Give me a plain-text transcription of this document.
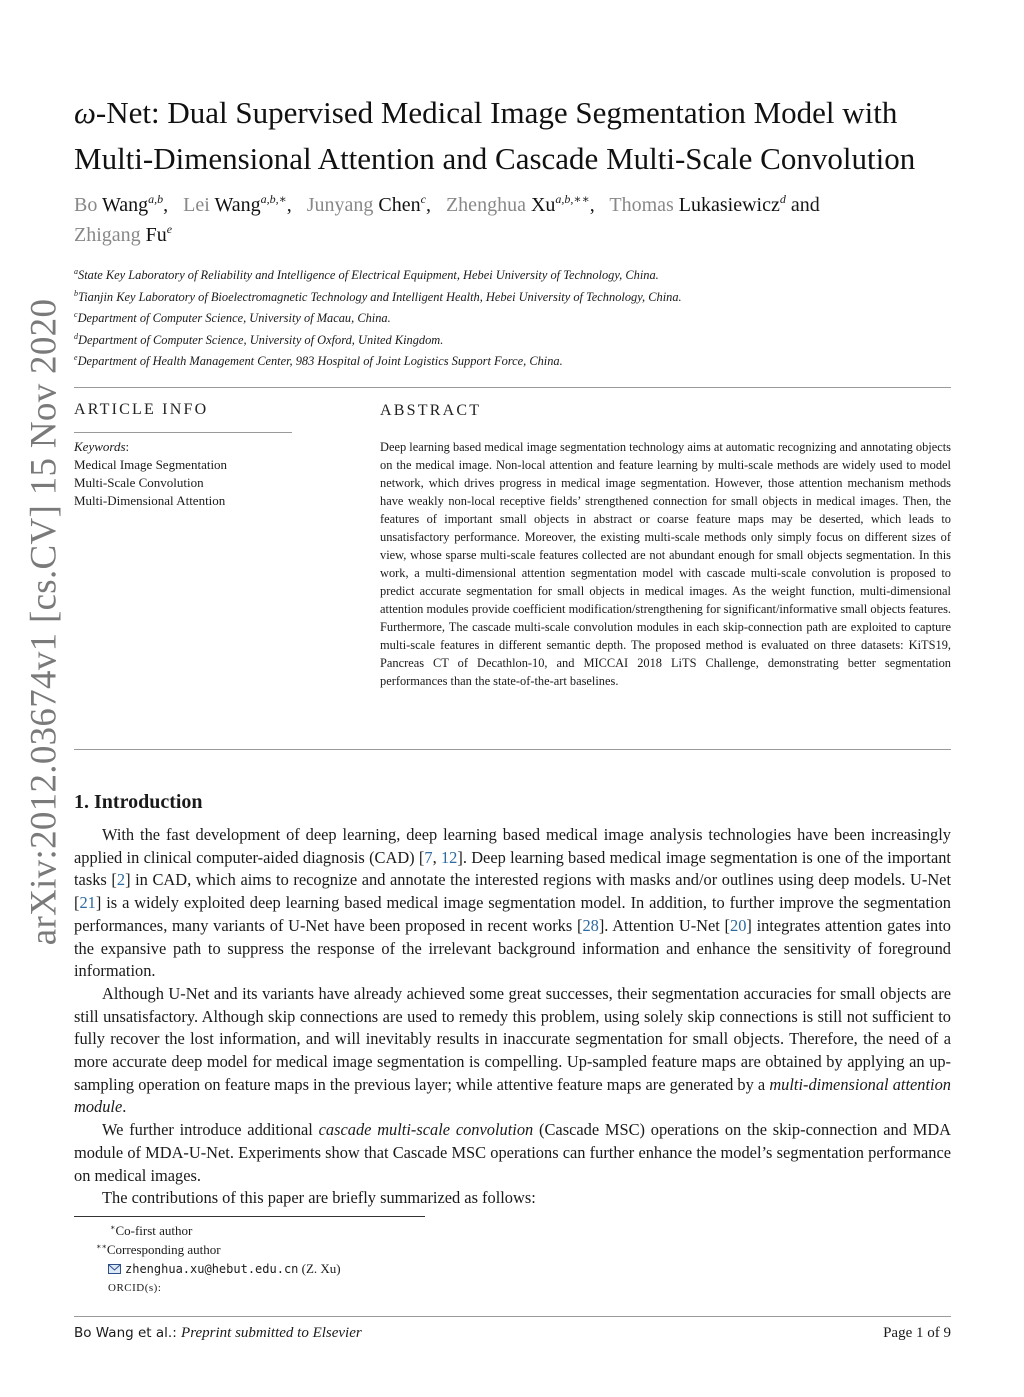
arXiv:2012.03674v1 [cs.CV] 15 Nov 2020
ω-Net: Dual Supervised Medical Image Segmentation Model with
Multi-Dimensional Attention and Cascade Multi-Scale Convolution
Bo Wang$^{a,b}$,   Lei Wang$^{a,b,∗}$,   Junyang Chen$^c$,   Zhenghua $Xu^{a,b,∗∗}$,   Thomas Lukasiewicz$^d$ and
Zhigang Fu$^e$
$^a$State Key Laboratory of Reliability and Intelligence of Electrical Equipment, Hebei University of Technology, China.
$^b$Tianjin Key Laboratory of Bioelectromagnetic Technology and Intelligent Health, Hebei University of Technology, China.
$^c$Department of Computer Science, University of Macau, China.
$^d$Department of Computer Science, University of Oxford, United Kingdom.
$^e$Department of Health Management Center, 983 Hospital of Joint Logistics Support Force, China.
ARTICLE INFO
Keywords:
Medical Image Segmentation
Multi-Scale Convolution
Multi-Dimensional Attention
ABSTRACT
Deep learning based medical image segmentation technology aims at automatic recognizing and annotating objects on the medical image. Non-local attention and feature learning by multi-scale methods are widely used to model network, which drives progress in medical image segmentation. However, those attention mechanism methods have weakly non-local receptive fields’ strengthened connection for small objects in medical images. Then, the features of important small objects in abstract or coarse feature maps may be deserted, which leads to unsatisfactory performance. Moreover, the existing multi-scale methods only simply focus on different sizes of view, whose sparse multi-scale features collected are not abundant enough for small objects segmentation. In this work, a multi-dimensional attention segmentation model with cascade multi-scale convolution is proposed to predict accurate segmentation for small objects in medical images. As the weight function, multi-dimensional attention modules provide coefficient modification/strengthening for significant/informative small objects features. Furthermore, The cascade multi-scale convolution modules in each skip-connection path are exploited to capture multi-scale features in different semantic depth. The proposed method is evaluated on three datasets: KiTS19, Pancreas CT of Decathlon-10, and MICCAI 2018 LiTS Challenge, demonstrating better segmentation performances than the state-of-the-art baselines.
1. Introduction

With the fast development of deep learning, deep learning based medical image analysis technologies have been increasingly applied in clinical computer-aided diagnosis (CAD) [7, 12]. Deep learning based medical image segmentation is one of the important tasks [2] in CAD, which aims to recognize and annotate the interested regions with masks and/or outlines using deep models. U-Net [21] is a widely exploited deep learning based medical image segmentation model. In addition, to further improve the segmentation performances, many variants of U-Net have been proposed in recent works [28]. Attention U-Net [20] integrates attention gates into the expansive path to suppress the response of the irrelevant background information and enhance the sensitivity of foreground information.

Although U-Net and its variants have already achieved some great successes, their segmentation accuracies for small objects are still unsatisfactory. Although skip connections are used to remedy this problem, using solely skip connections is still not sufficient to fully recover the lost information, and will inevitably results in inaccurate segmentation for small objects. Therefore, the need of a more accurate deep model for medical image segmentation is compelling. Up-sampled feature maps are obtained by applying an up-sampling operation on feature maps in the previous layer; while attentive feature maps are generated by a multi-dimensional attention module.

We further introduce additional cascade multi-scale convolution (Cascade MSC) operations on the skip-connection and MDA module of MDA-U-Net. Experiments show that Cascade MSC operations can further enhance the model’s segmentation performance on medical images.

The contributions of this paper are briefly summarized as follows:

∗Co-first author
∗∗Corresponding author
zhenghua.xu@hebut.edu.cn (Z. Xu)
ORCID(s):
Bo Wang et al.: Preprint submitted to Elsevier	Page 1 of 9
